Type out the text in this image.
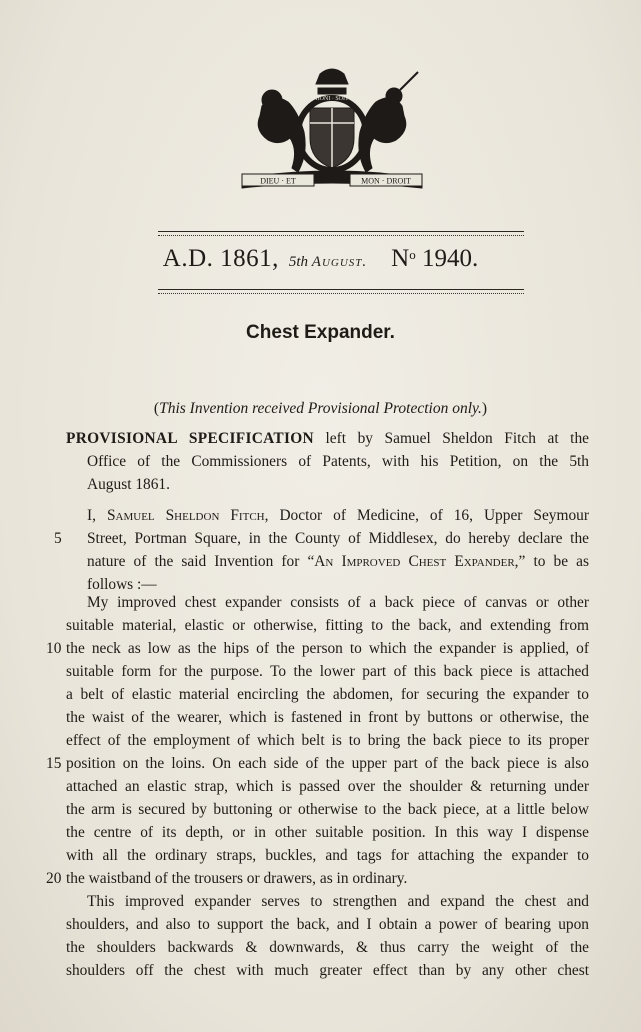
DIEU · ET	MON · DROIT
HONI · SOIT
A.D. 1861, 5th August. $N^o$ 1940.
Chest Expander.
(This Invention received Provisional Protection only.)
PROVISIONAL SPECIFICATION left by Samuel Sheldon Fitch at the
Office of the Commissioners of Patents, with his Petition, on the 5th
August 1861.
I, Samuel Sheldon Fitch, Doctor of Medicine, of 16, Upper Seymour
Street, Portman Square, in the County of Middlesex, do hereby declare the
nature of the said Invention for “An Improved Chest Expander,” to be as
follows :—
My improved chest expander consists of a back piece of canvas or other
suitable material, elastic or otherwise, fitting to the back, and extending from
the neck as low as the hips of the person to which the expander is applied, of
suitable form for the purpose. To the lower part of this back piece is attached
a belt of elastic material encircling the abdomen, for securing the expander to
the waist of the wearer, which is fastened in front by buttons or otherwise, the
effect of the employment of which belt is to bring the back piece to its proper
position on the loins. On each side of the upper part of the back piece is also
attached an elastic strap, which is passed over the shoulder & returning under
the arm is secured by buttoning or otherwise to the back piece, at a little below
the centre of its depth, or in other suitable position. In this way I dispense
with all the ordinary straps, buckles, and tags for attaching the expander to
the waistband of the trousers or drawers, as in ordinary.
This improved expander serves to strengthen and expand the chest and
shoulders, and also to support the back, and I obtain a power of bearing upon
the shoulders backwards & downwards, & thus carry the weight of the
shoulders off the chest with much greater effect than by any other chest
5
10
15
20
